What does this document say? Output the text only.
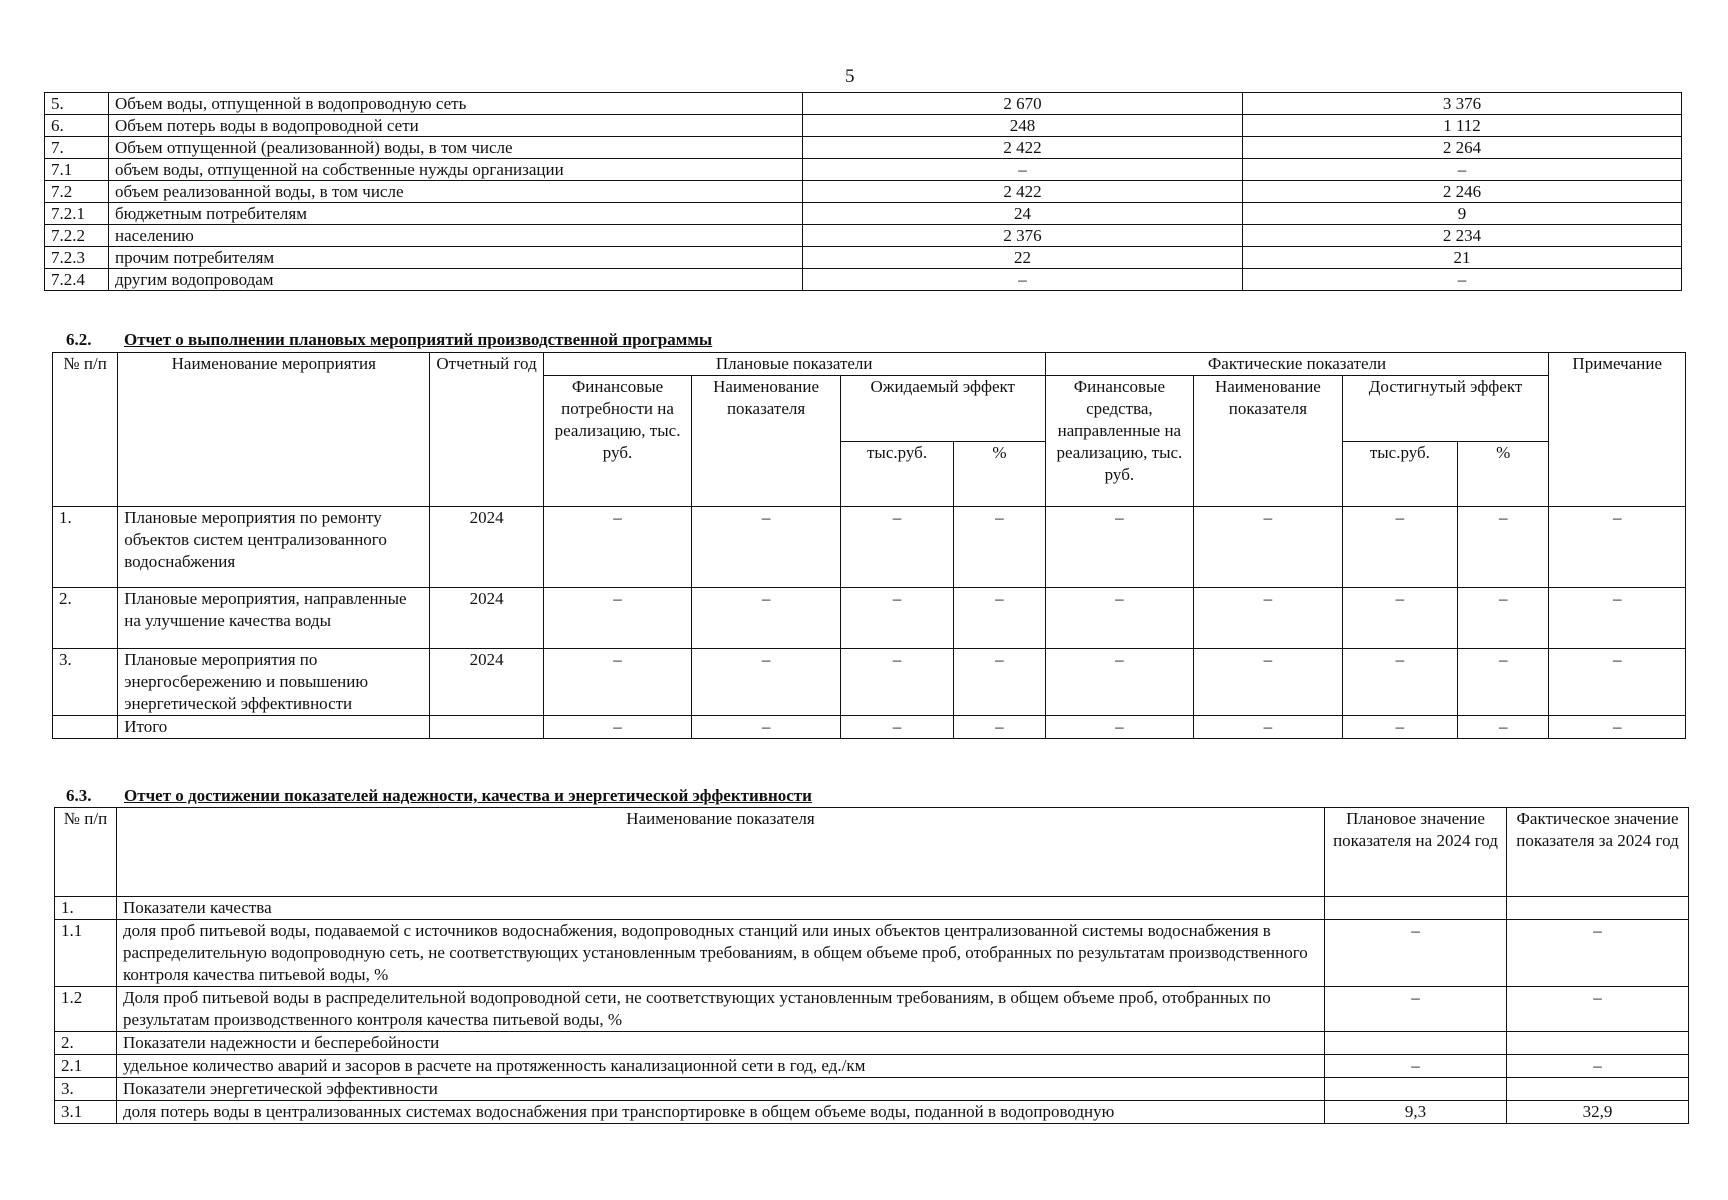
5
5.	Объем воды, отпущенной в водопроводную сеть	2 670	3 376
6.	Объем потерь воды в водопроводной сети	248	1 112
7.	Объем отпущенной (реализованной) воды, в том числе	2 422	2 264
7.1	объем воды, отпущенной на собственные нужды организации	–	–
7.2	объем реализованной воды, в том числе	2 422	2 246
7.2.1	бюджетным потребителям	24	9
7.2.2	населению	2 376	2 234
7.2.3	прочим потребителям	22	21
7.2.4	другим водопроводам	–	–
6.2. Отчет о выполнении плановых мероприятий производственной программы
№ п/п	Наименование мероприятия	Отчетный год	Плановые показатели				Фактические показатели				Примечание
			Финансовые потребности на реализацию, тыс. руб.	Наименование показателя	Ожидаемый эффект		Финансовые средства, направленные на реализацию, тыс. руб.	Наименование показателя	Достигнутый эффект		
					тыс.руб.	%			тыс.руб.	%	
1.	Плановые мероприятия по ремонту объектов систем централизованного водоснабжения	2024	–	–	–	–	–	–	–	–	–
2.	Плановые мероприятия, направленные на улучшение качества воды	2024	–	–	–	–	–	–	–	–	–
3.	Плановые мероприятия по энергосбережению и повышению энергетической эффективности	2024	–	–	–	–	–	–	–	–	–
	Итого		–	–	–	–	–	–	–	–	–
6.3. Отчет о достижении показателей надежности, качества и энергетической эффективности
№ п/п	Наименование показателя	Плановое значение показателя на 2024 год	Фактическое значение показателя за 2024 год
1.	Показатели качества		
1.1	доля проб питьевой воды, подаваемой с источников водоснабжения, водопроводных станций или иных объектов централизованной системы водоснабжения в распределительную водопроводную сеть, не соответствующих установленным требованиям, в общем объеме проб, отобранных по результатам производственного контроля качества питьевой воды, %	–	–
1.2	Доля проб питьевой воды в распределительной водопроводной сети, не соответствующих установленным требованиям, в общем объеме проб, отобранных по результатам производственного контроля качества питьевой воды, %	–	–
2.	Показатели надежности и бесперебойности		
2.1	удельное количество аварий и засоров в расчете на протяженность канализационной сети в год, ед./км	–	–
3.	Показатели энергетической эффективности		
3.1	доля потерь воды в централизованных системах водоснабжения при транспортировке в общем объеме воды, поданной в водопроводную	9,3	32,9
